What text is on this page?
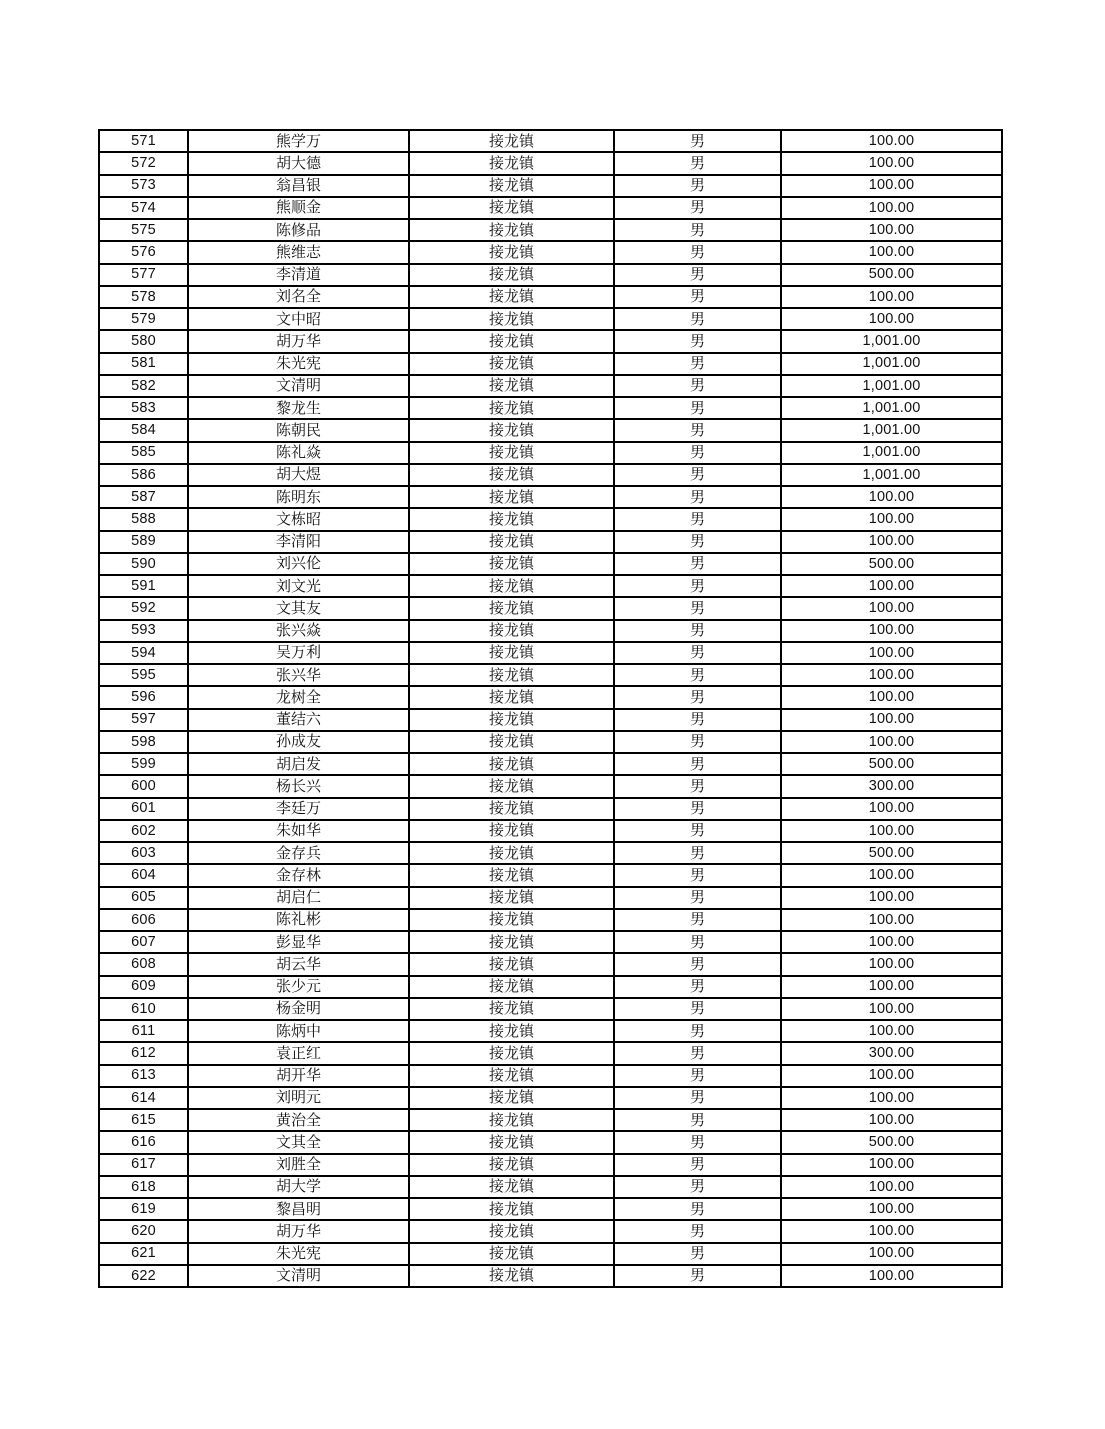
571	熊学万	接龙镇	男	100.00
572	胡大德	接龙镇	男	100.00
573	翁昌银	接龙镇	男	100.00
574	熊顺金	接龙镇	男	100.00
575	陈修品	接龙镇	男	100.00
576	熊维志	接龙镇	男	100.00
577	李清道	接龙镇	男	500.00
578	刘名全	接龙镇	男	100.00
579	文中昭	接龙镇	男	100.00
580	胡万华	接龙镇	男	1,001.00
581	朱光宪	接龙镇	男	1,001.00
582	文清明	接龙镇	男	1,001.00
583	黎龙生	接龙镇	男	1,001.00
584	陈朝民	接龙镇	男	1,001.00
585	陈礼焱	接龙镇	男	1,001.00
586	胡大煜	接龙镇	男	1,001.00
587	陈明东	接龙镇	男	100.00
588	文栋昭	接龙镇	男	100.00
589	李清阳	接龙镇	男	100.00
590	刘兴伦	接龙镇	男	500.00
591	刘文光	接龙镇	男	100.00
592	文其友	接龙镇	男	100.00
593	张兴焱	接龙镇	男	100.00
594	吴万利	接龙镇	男	100.00
595	张兴华	接龙镇	男	100.00
596	龙树全	接龙镇	男	100.00
597	董结六	接龙镇	男	100.00
598	孙成友	接龙镇	男	100.00
599	胡启发	接龙镇	男	500.00
600	杨长兴	接龙镇	男	300.00
601	李廷万	接龙镇	男	100.00
602	朱如华	接龙镇	男	100.00
603	金存兵	接龙镇	男	500.00
604	金存林	接龙镇	男	100.00
605	胡启仁	接龙镇	男	100.00
606	陈礼彬	接龙镇	男	100.00
607	彭显华	接龙镇	男	100.00
608	胡云华	接龙镇	男	100.00
609	张少元	接龙镇	男	100.00
610	杨金明	接龙镇	男	100.00
611	陈炳中	接龙镇	男	100.00
612	袁正红	接龙镇	男	300.00
613	胡开华	接龙镇	男	100.00
614	刘明元	接龙镇	男	100.00
615	黄治全	接龙镇	男	100.00
616	文其全	接龙镇	男	500.00
617	刘胜全	接龙镇	男	100.00
618	胡大学	接龙镇	男	100.00
619	黎昌明	接龙镇	男	100.00
620	胡万华	接龙镇	男	100.00
621	朱光宪	接龙镇	男	100.00
622	文清明	接龙镇	男	100.00
